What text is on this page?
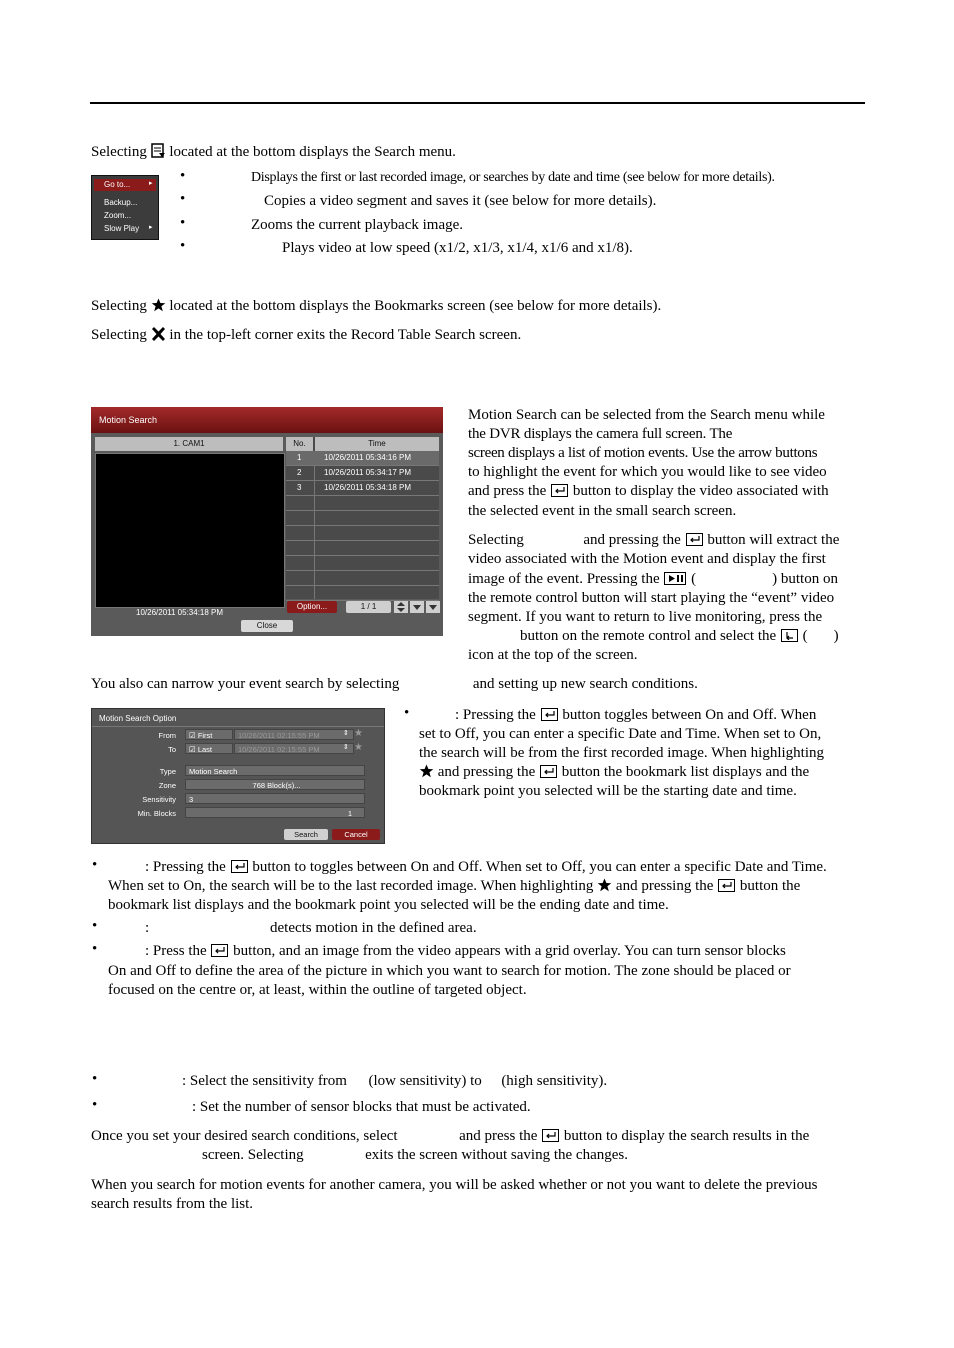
Selecting located at the bottom displays the Search menu.
Go to...	▸
Backup...
Zoom...
Slow Play ▸
•	Displays the first or last recorded image, or searches by date and time (see below for more details).
•	Copies a video segment and saves it (see below for more details).
•	Zooms the current playback image.
•	Plays video at low speed (x1/2, x1/3, x1/4, x1/6 and x1/8).
Selecting located at the bottom displays the Bookmarks screen (see below for more details).
Selecting in the top-left corner exits the Record Table Search screen.
Motion Search
1. CAM1
10/26/2011 05:34:18 PM
No.	Time
1	10/26/2011 05:34:16 PM
2	10/26/2011 05:34:17 PM
3	10/26/2011 05:34:18 PM
Option...	1 / 1
Close
Motion Search can be selected from the Search menu while
the DVR displays the camera full screen. The
screen displays a list of motion events. Use the arrow buttons
to highlight the event for which you would like to see video
and press the button to display the video associated with
the selected event in the small search screen.
Selecting	and pressing the button will extract the
video associated with the Motion event and display the first
image of the event. Pressing the (	) button on
the remote control button will start playing the “event” video
segment. If you want to return to live monitoring, press the
button on the remote control and select the ( )
icon at the top of the screen.
You also can narrow your event search by selecting	and setting up new search conditions.
Motion Search Option
From	☑ First	10/26/2011 02:15:55 PM	⇕ ★
To	☑ Last	10/26/2011 02:15:55 PM	⇕ ★
Type	Motion Search
Zone	768 Block(s)...
Sensitivity	3
Min. Blocks	1
Search	Cancel
•	: Pressing the button toggles between On and Off. When
set to Off, you can enter a specific Date and Time. When set to On,
the search will be from the first recorded image. When highlighting
and pressing the button the bookmark list displays and the
bookmark point you selected will be the starting date and time.
•	: Pressing the button to toggles between On and Off. When set to Off, you can enter a specific Date and Time.
When set to On, the search will be to the last recorded image. When highlighting and pressing the button the
bookmark list displays and the bookmark point you selected will be the ending date and time.
•	:	detects motion in the defined area.
•	: Press the button, and an image from the video appears with a grid overlay. You can turn sensor blocks
On and Off to define the area of the picture in which you want to search for motion. The zone should be placed or
focused on the centre or, at least, within the outline of targeted object.
•	: Select the sensitivity from (low sensitivity) to (high sensitivity).
•	: Set the number of sensor blocks that must be activated.
Once you set your desired search conditions, select	and press the button to display the search results in the
screen. Selecting	exits the screen without saving the changes.
When you search for motion events for another camera, you will be asked whether or not you want to delete the previous
search results from the list.
